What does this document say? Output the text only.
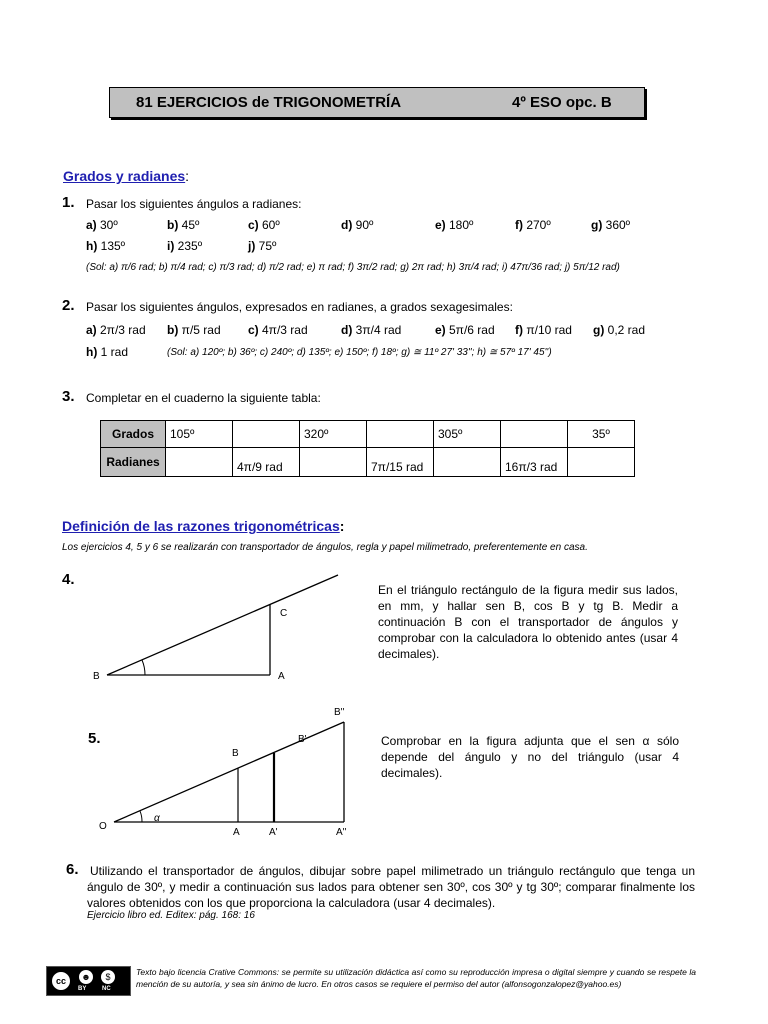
81 EJERCICIOS de TRIGONOMETRÍA	4º ESO opc. B
Grados y radianes:
1. Pasar los siguientes ángulos a radianes:
a) 30º	b) 45º	c) 60º	d) 90º	e) 180º	f) 270º	g) 360º
h) 135º	i) 235º	j) 75º
(Sol: a) π/6 rad; b) π/4 rad; c) π/3 rad; d) π/2 rad; e) π rad; f) 3π/2 rad; g) 2π rad; h) 3π/4 rad; i) 47π/36 rad; j) 5π/12 rad)
2. Pasar los siguientes ángulos, expresados en radianes, a grados sexagesimales:
a) 2π/3 rad b) π/5 rad c) 4π/3 rad	d) 3π/4 rad	e) 5π/6 rad f) π/10 rad g) 0,2 rad
h) 1 rad	(Sol: a) 120º; b) 36º; c) 240º; d) 135º; e) 150º; f) 18º; g) ≅ 11º 27' 33''; h) ≅ 57º 17' 45'')
3. Completar en el cuaderno la siguiente tabla:
Grados	105º		320º		305º		35º
Radianes		4π/9 rad		7π/15 rad		16π/3 rad	
Definición de las razones trigonométricas:
Los ejercicios 4, 5 y 6 se realizarán con transportador de ángulos, regla y papel milimetrado, preferentemente en casa.
4.
B	A
C
En el triángulo rectángulo de la figura medir sus lados, en mm, y hallar sen B, cos B y tg B. Medir a continuación B con el transportador de ángulos y comprobar con la calculadora lo obtenido antes (usar 4 decimales).
5.
α
O
A	A'	A''
B
B'
B''
Comprobar en la figura adjunta que el sen α sólo depende del ángulo y no del triángulo (usar 4 decimales).
6. Utilizando el transportador de ángulos, dibujar sobre papel milimetrado un triángulo rectángulo que tenga un ángulo de 30º, y medir a continuación sus lados para obtener sen 30º, cos 30º y tg 30º; comparar finalmente los valores obtenidos con los que proporciona la calculadora (usar 4 decimales).
Ejercicio libro ed. Editex: pág. 168: 16
cc	☻	$
BY	NC
Texto bajo licencia Crative Commons: se permite su utilización didáctica así como su reproducción impresa o digital siempre y cuando se respete la mención de su autoría, y sea sin ánimo de lucro. En otros casos se requiere el permiso del autor (alfonsogonzalopez@yahoo.es)
